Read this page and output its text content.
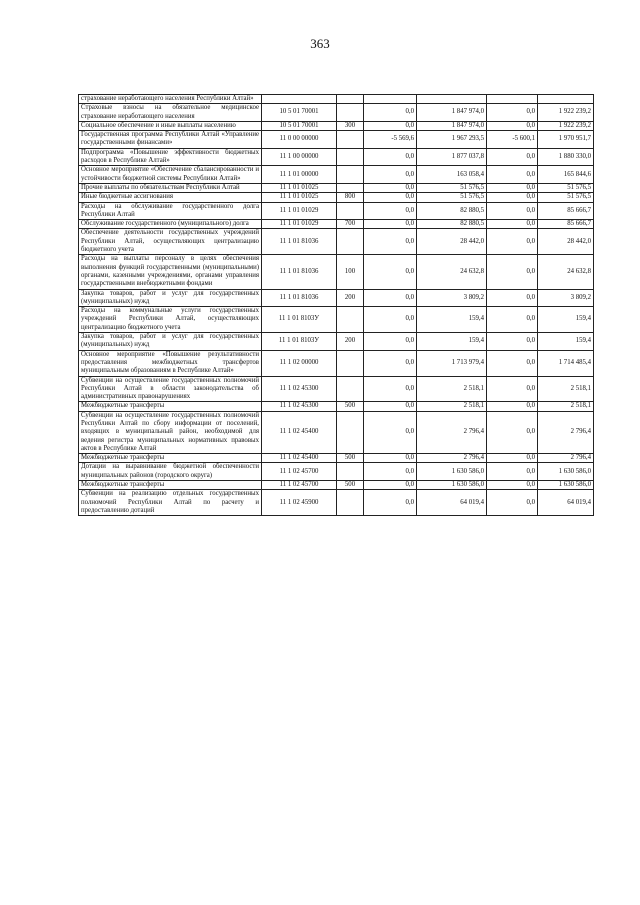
363
страхование неработающего населения Республики Алтай»						
Страховые взносы на обязательное медицинское страхование неработающего населения	10 5 01 70001		0,0	1 847 974,0	0,0	1 922 239,2
Социальное обеспечение и иные выплаты населению	10 5 01 70001	300	0,0	1 847 974,0	0,0	1 922 239,2
Государственная программа Республики Алтай «Управление государственными финансами»	11 0 00 00000		-5 569,6	1 967 293,5	-5 600,1	1 970 951,7
Подпрограмма «Повышение эффективности бюджетных расходов в Республике Алтай»	11 1 00 00000		0,0	1 877 037,8	0,0	1 880 330,0
Основное мероприятие «Обеспечение сбалансированности и устойчивости бюджетной системы Республики Алтай»	11 1 01 00000		0,0	163 058,4	0,0	165 844,6
Прочие выплаты по обязательствам Республики Алтай	11 1 01 01025		0,0	51 576,5	0,0	51 576,5
Иные бюджетные ассигнования	11 1 01 01025	800	0,0	51 576,5	0,0	51 576,5
Расходы на обслуживание государственного долга Республики Алтай	11 1 01 01029		0,0	82 880,5	0,0	85 666,7
Обслуживание государственного (муниципального) долга	11 1 01 01029	700	0,0	82 880,5	0,0	85 666,7
Обеспечение деятельности государственных учреждений Республики Алтай, осуществляющих централизацию бюджетного учета	11 1 01 81036		0,0	28 442,0	0,0	28 442,0
Расходы на выплаты персоналу в целях обеспечения выполнения функций государственными (муниципальными) органами, казенными учреждениями, органами управления государственными внебюджетными фондами	11 1 01 81036	100	0,0	24 632,8	0,0	24 632,8
Закупка товаров, работ и услуг для государственных (муниципальных) нужд	11 1 01 81036	200	0,0	3 809,2	0,0	3 809,2
Расходы на коммунальные услуги государственных учреждений Республики Алтай, осуществляющих централизацию бюджетного учета	11 1 01 8103У		0,0	159,4	0,0	159,4
Закупка товаров, работ и услуг для государственных (муниципальных) нужд	11 1 01 8103У	200	0,0	159,4	0,0	159,4
Основное мероприятие «Повышение результативности предоставления межбюджетных трансфертов муниципальным образованиям в Республике Алтай»	11 1 02 00000		0,0	1 713 979,4	0,0	1 714 485,4
Субвенции на осуществление государственных полномочий Республики Алтай в области законодательства об административных правонарушениях	11 1 02 45300		0,0	2 518,1	0,0	2 518,1
Межбюджетные трансферты	11 1 02 45300	500	0,0	2 518,1	0,0	2 518,1
Субвенции на осуществление государственных полномочий Республики Алтай по сбору информации от поселений, входящих в муниципальный район, необходимой для ведения регистра муниципальных нормативных правовых актов в Республике Алтай	11 1 02 45400		0,0	2 796,4	0,0	2 796,4
Межбюджетные трансферты	11 1 02 45400	500	0,0	2 796,4	0,0	2 796,4
Дотации на выравнивание бюджетной обеспеченности муниципальных районов (городского округа)	11 1 02 45700		0,0	1 630 586,0	0,0	1 630 586,0
Межбюджетные трансферты	11 1 02 45700	500	0,0	1 630 586,0	0,0	1 630 586,0
Субвенции на реализацию отдельных государственных полномочий Республики Алтай по расчету и предоставлению дотаций	11 1 02 45900		0,0	64 019,4	0,0	64 019,4
